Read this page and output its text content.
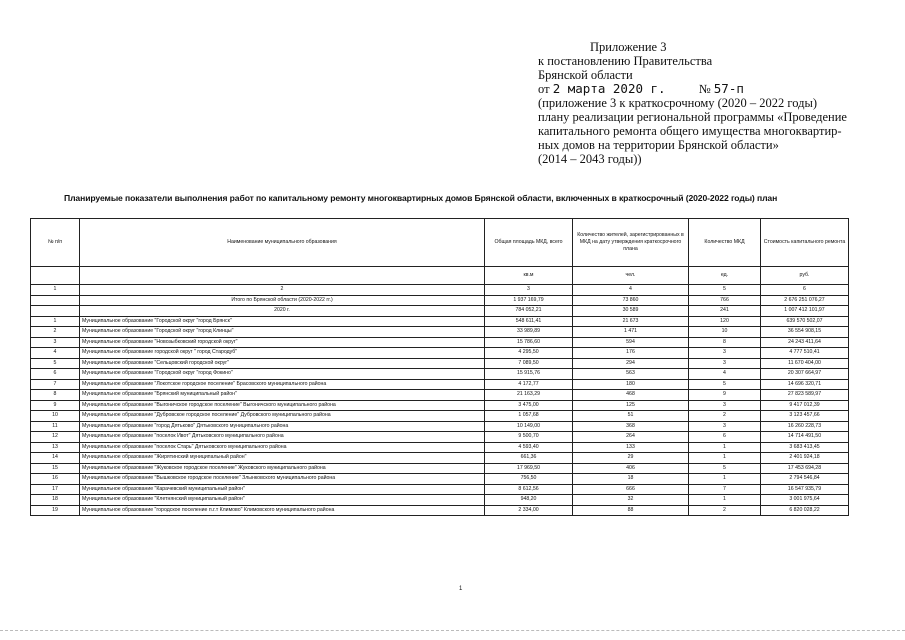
Приложение 3
к постановлению Правительства
Брянской области
от 2 марта 2020 г.	№ 57-п
(приложение 3 к краткосрочному (2020 – 2022 годы)
плану реализации региональной программы «Проведение
капитального ремонта общего имущества многоквартир-
ных домов на территории Брянской области»
(2014 – 2043 годы))
Планируемые показатели выполнения работ по капитальному ремонту многоквартирных домов Брянской области, включенных в краткосрочный (2020-2022 годы) план
№ п/п	Наименование муниципального образования	Общая площадь МКД, всего	Количество жителей, зарегистрированных в МКД на дату утверждения краткосрочного плана	Количество МКД	Стоимость капитального ремонта
		кв.м	чел.	ед.	руб.
1	2	3	4	5	6
	Итого по Брянской области (2020-2022 гг.)	1 937 169,79	73 860	766	2 676 251 076,27
	2020 г.	784 052,21	30 589	241	1 007 412 101,97
1	Муниципальное образование "Городской округ "город Брянск"	548 611,41	21 673	120	639 570 502,07
2	Муниципальное образование "Городской округ "город Клинцы"	33 989,89	1 471	10	36 554 908,15
3	Муниципальное образование "Новозыбковский городской округ"	15 786,60	594	8	24 243 411,64
4	Муниципальное образование городской округ " город Стародуб"	4 295,50	176	3	4 777 510,41
5	Муниципальное образование "Сельцовский городской округ"	7 089,50	294	3	11 670 404,00
6	Муниципальное образование "Городской округ "город Фокино"	15 915,76	563	4	20 307 664,97
7	Муниципальное образование "Локотское городское поселение" Брасовского муниципального района	4 172,77	180	5	14 696 320,71
8	Муниципальное образование "Брянский муниципальный район"	21 163,29	468	9	27 823 589,97
9	Муниципальное образование "Выгоничское городское поселение" Выгоничского муниципального района	3 475,00	125	3	9 417 012,39
10	Муниципальное образование "Дубровское городское поселение" Дубровского муниципального района	1 057,68	51	2	3 123 457,66
11	Муниципальное образование "город Дятьково" Дятьковского муниципального района	10 149,00	368	3	16 260 228,73
12	Муниципальное образование "поселок Ивот" Дятьковского муниципального района	9 500,70	264	6	14 714 491,50
13	Муниципальное образование "поселок Старь" Дятьковского муниципального района	4 593,40	133	1	3 683 413,45
14	Муниципальное образование "Жирятинский муниципальный район"	661,36	29	1	2 401 924,18
15	Муниципальное образование "Жуковское городское поселение" Жуковского муниципального района	17 969,50	406	5	17 453 694,28
16	Муниципальное образование "Вышковское городское поселение" Злынковского муниципального района	756,50	18	1	2 794 546,84
17	Муниципальное образование "Карачевский муниципальный район"	8 612,56	666	7	16 547 935,79
18	Муниципальное образование "Клетнянский муниципальный район"	948,20	32	1	3 001 975,64
19	Муниципальное образование "городское поселение п.г.т Климово" Климовского муниципального района	2 334,00	88	2	6 820 028,22
1
